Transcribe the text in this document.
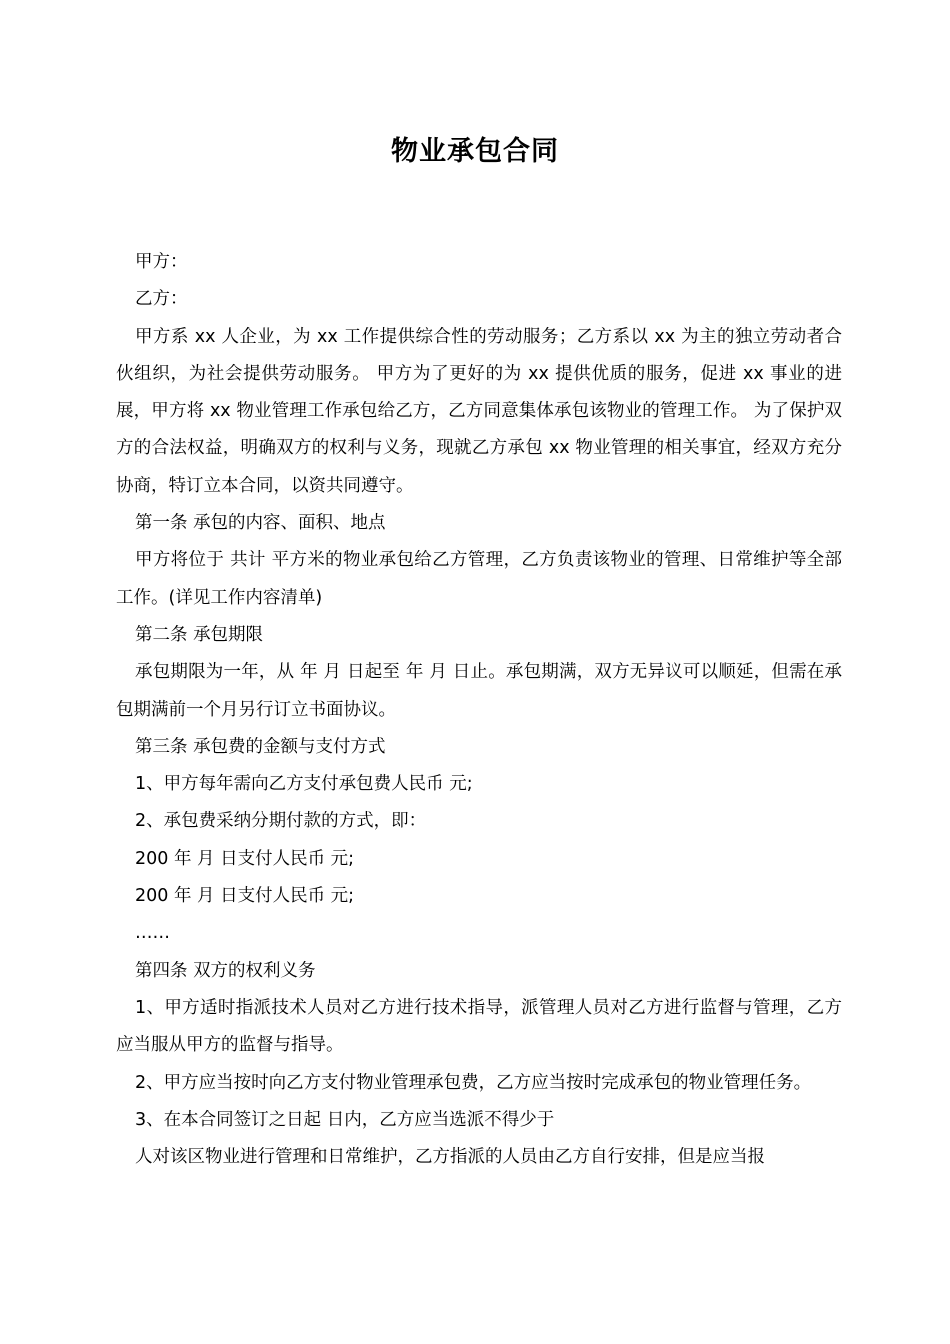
物业承包合同

甲方：

乙方：

甲方系 xx 人企业，为 xx 工作提供综合性的劳动服务；乙方系以 xx 为主的独立劳动者合伙组织，为社会提供劳动服务。 甲方为了更好的为 xx 提供优质的服务，促进 xx 事业的进展，甲方将 xx 物业管理工作承包给乙方，乙方同意集体承包该物业的管理工作。 为了保护双方的合法权益，明确双方的权利与义务，现就乙方承包 xx 物业管理的相关事宜，经双方充分协商，特订立本合同，以资共同遵守。

第一条 承包的内容、面积、地点

甲方将位于 共计 平方米的物业承包给乙方管理，乙方负责该物业的管理、日常维护等全部工作。(详见工作内容清单)

第二条 承包期限

承包期限为一年，从 年 月 日起至 年 月 日止。承包期满，双方无异议可以顺延，但需在承包期满前一个月另行订立书面协议。

第三条 承包费的金额与支付方式

1、甲方每年需向乙方支付承包费人民币 元;

2、承包费采纳分期付款的方式，即：

200 年 月 日支付人民币 元;

200 年 月 日支付人民币 元;

……

第四条 双方的权利义务

1、甲方适时指派技术人员对乙方进行技术指导，派管理人员对乙方进行监督与管理，乙方应当服从甲方的监督与指导。

2、甲方应当按时向乙方支付物业管理承包费，乙方应当按时完成承包的物业管理任务。

3、在本合同签订之日起 日内，乙方应当选派不得少于

人对该区物业进行管理和日常维护，乙方指派的人员由乙方自行安排，但是应当报
